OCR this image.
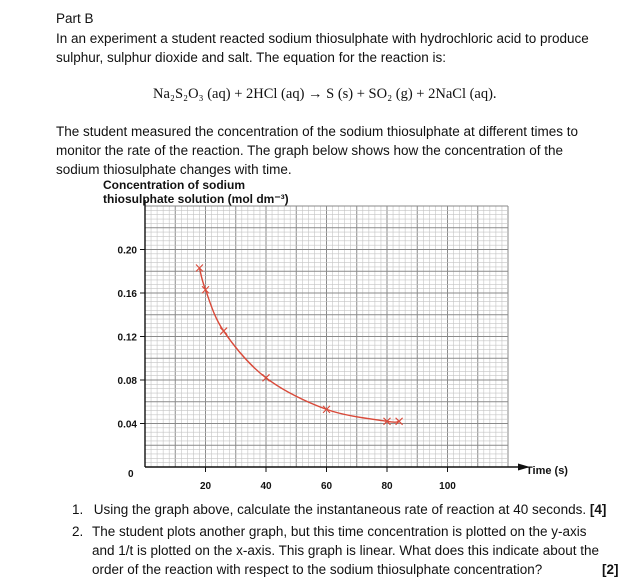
Part B
In an experiment a student reacted sodium thiosulphate with hydrochloric acid to produce
sulphur, sulphur dioxide and salt. The equation for the reaction is:
Na₂S₂O₃ (aq) + 2HCl (aq) → S (s) + SO₂ (g) + 2NaCl (aq).
The student measured the concentration of the sodium thiosulphate at different times to
monitor the rate of the reaction. The graph below shows how the concentration of the
sodium thiosulphate changes with time.
Concentration of sodium
thiosulphate solution (mol dm⁻³)
20	40	60	80	100
0.20
0.16
0.12
0.08
0.04
Time (s)
0
1. Using the graph above, calculate the instantaneous rate of reaction at 40 seconds. [4]
2. The student plots another graph, but this time concentration is plotted on the y-axis and 1/t is plotted on the x-axis. This graph is linear. What does this indicate about the order of the reaction with respect to the sodium thiosulphate concentration?	[2]
